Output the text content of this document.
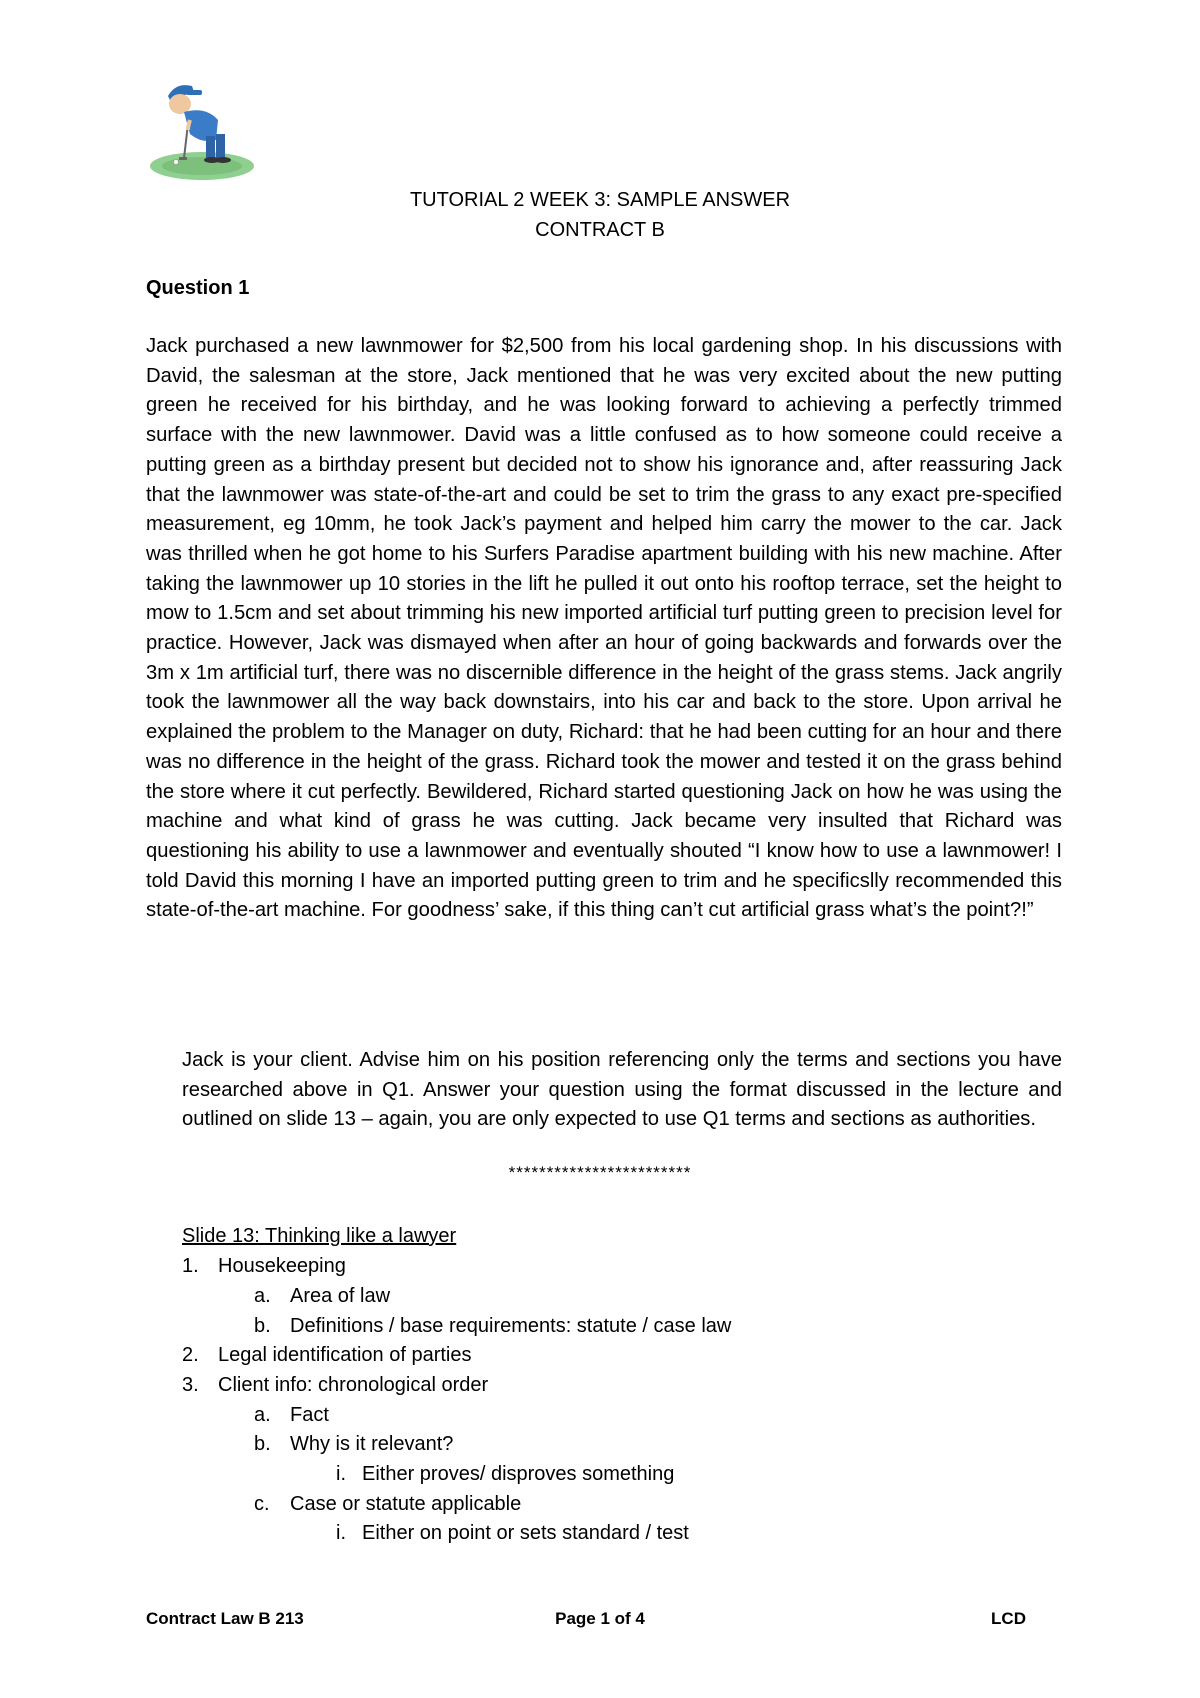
TUTORIAL 2 WEEK 3: SAMPLE ANSWER
CONTRACT B
Question 1
Jack purchased a new lawnmower for $2,500 from his local gardening shop. In his discussions with David, the salesman at the store, Jack mentioned that he was very excited about the new putting green he received for his birthday, and he was looking forward to achieving a perfectly trimmed surface with the new lawnmower. David was a little confused as to how someone could receive a putting green as a birthday present but decided not to show his ignorance and, after reassuring Jack that the lawnmower was state-of-the-art and could be set to trim the grass to any exact pre-specified measurement, eg 10mm, he took Jack’s payment and helped him carry the mower to the car. Jack was thrilled when he got home to his Surfers Paradise apartment building with his new machine. After taking the lawnmower up 10 stories in the lift he pulled it out onto his rooftop terrace, set the height to mow to 1.5cm and set about trimming his new imported artificial turf putting green to precision level for practice. However, Jack was dismayed when after an hour of going backwards and forwards over the 3m x 1m artificial turf, there was no discernible difference in the height of the grass stems. Jack angrily took the lawnmower all the way back downstairs, into his car and back to the store. Upon arrival he explained the problem to the Manager on duty, Richard: that he had been cutting for an hour and there was no difference in the height of the grass. Richard took the mower and tested it on the grass behind the store where it cut perfectly. Bewildered, Richard started questioning Jack on how he was using the machine and what kind of grass he was cutting. Jack became very insulted that Richard was questioning his ability to use a lawnmower and eventually shouted “I know how to use a lawnmower! I told David this morning I have an imported putting green to trim and he specificslly recommended this state-of-the-art machine. For goodness’ sake, if this thing can’t cut artificial grass what’s the point?!”
Jack is your client. Advise him on his position referencing only the terms and sections you have researched above in Q1. Answer your question using the format discussed in the lecture and outlined on slide 13 – again, you are only expected to use Q1 terms and sections as authorities.
************************
Slide 13: Thinking like a lawyer
1. Housekeeping
a. Area of law
b. Definitions / base requirements: statute / case law
2. Legal identification of parties
3. Client info: chronological order
a. Fact
b. Why is it relevant?
i. Either proves/ disproves something
c. Case or statute applicable
i. Either on point or sets standard / test
Contract Law B 213	Page 1 of 4	LCD
